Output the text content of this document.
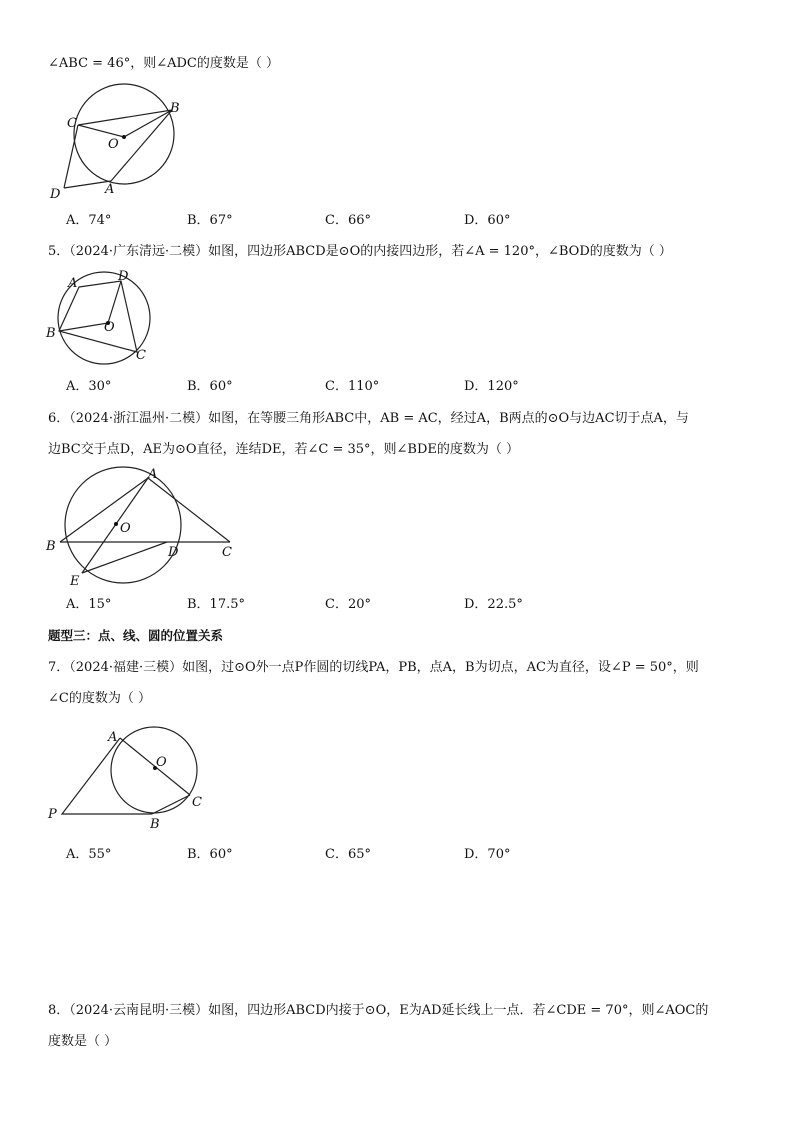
∠ABC = 46°，则∠ADC的度数是（ ）
C
B
O
D	A
A．74°	B．67°	C．66°	D．60°
5．（2024·广东清远·二模）如图，四边形ABCD是⊙O的内接四边形，若∠A = 120°，∠BOD的度数为（ ）
A	D
B	O
C
A．30°	B．60°	C．110°	D．120°
6．（2024·浙江温州·二模）如图，在等腰三角形ABC中，AB = AC，经过A，B两点的⊙O与边AC切于点A，与
边BC交于点D，AE为⊙O直径，连结DE，若∠C = 35°，则∠BDE的度数为（ ）
A
O
B	D	C
E
A．15°	B．17.5°	C．20°	D．22.5°
题型三：点、线、圆的位置关系
7．（2024·福建·三模）如图，过⊙O外一点P作圆的切线PA，PB，点A，B为切点，AC为直径，设∠P = 50°，则
∠C的度数为（ ）
A
O
P
B
C
A．55°	B．60°	C．65°	D．70°
8．（2024·云南昆明·三模）如图，四边形ABCD内接于⊙O，E为AD延长线上一点．若∠CDE = 70°，则∠AOC的
度数是（ ）
